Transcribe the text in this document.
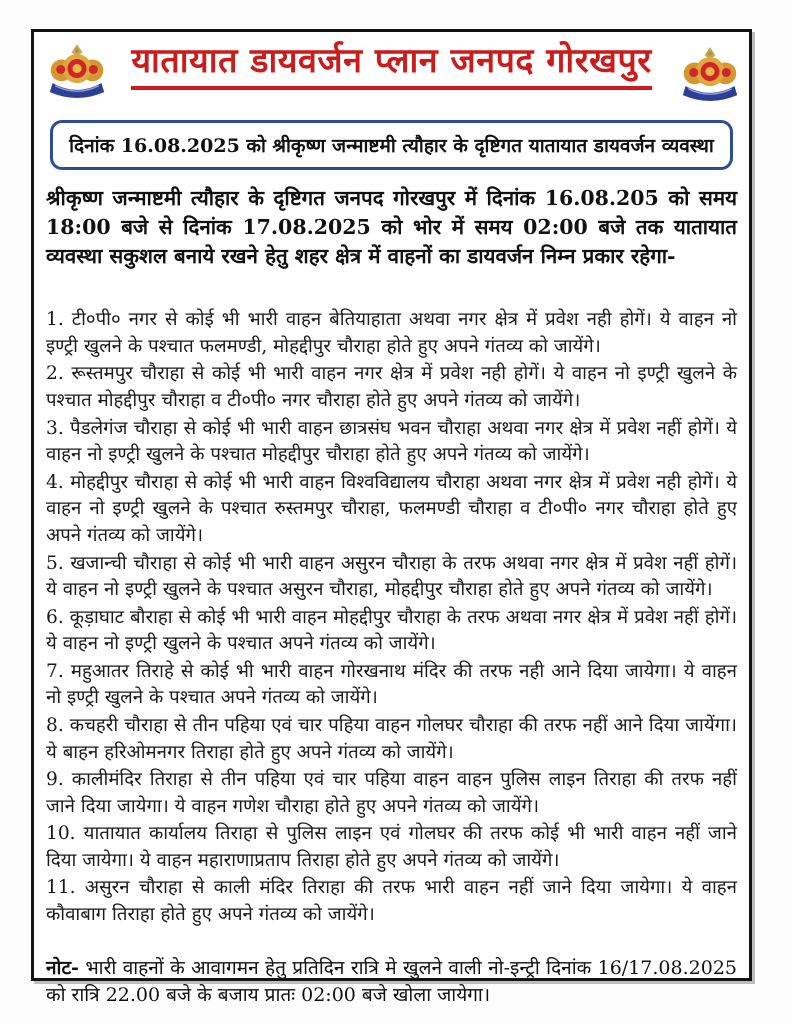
यातायात डायवर्जन प्लान जनपद गोरखपुर
दिनांक 16.08.2025 को श्रीकृष्ण जन्माष्टमी त्यौहार के दृष्टिगत यातायात डायवर्जन व्यवस्था

श्रीकृष्ण जन्माष्टमी त्यौहार के दृष्टिगत जनपद गोरखपुर में दिनांक 16.08.205 को समय 18:00 बजे से दिनांक 17.08.2025 को भोर में समय 02:00 बजे तक यातायात व्यवस्था सकुशल बनाये रखने हेतु शहर क्षेत्र में वाहनों का डायवर्जन निम्न प्रकार रहेगा-

1. टी०पी० नगर से कोई भी भारी वाहन बेतियाहाता अथवा नगर क्षेत्र में प्रवेश नही होगें। ये वाहन नो इण्ट्री खुलने के पश्चात फलमण्डी, मोहद्दीपुर चौराहा होते हुए अपने गंतव्य को जायेंगे।

2. रूस्तमपुर चौराहा से कोई भी भारी वाहन नगर क्षेत्र में प्रवेश नही होगें। ये वाहन नो इण्ट्री खुलने के पश्चात मोहद्दीपुर चौराहा व टी०पी० नगर चौराहा होते हुए अपने गंतव्य को जायेंगे।

3. पैडलेगंज चौराहा से कोई भी भारी वाहन छात्रसंघ भवन चौराहा अथवा नगर क्षेत्र में प्रवेश नहीं होगें। ये वाहन नो इण्ट्री खुलने के पश्चात मोहद्दीपुर चौराहा होते हुए अपने गंतव्य को जायेंगे।

4. मोहद्दीपुर चौराहा से कोई भी भारी वाहन विश्वविद्यालय चौराहा अथवा नगर क्षेत्र में प्रवेश नही होगें। ये वाहन नो इण्ट्री खुलने के पश्चात रुस्तमपुर चौराहा, फलमण्डी चौराहा व टी०पी० नगर चौराहा होते हुए अपने गंतव्य को जायेंगे।

5. खजान्ची चौराहा से कोई भी भारी वाहन असुरन चौराहा के तरफ अथवा नगर क्षेत्र में प्रवेश नहीं होगें। ये वाहन नो इण्ट्री खुलने के पश्चात असुरन चौराहा, मोहद्दीपुर चौराहा होते हुए अपने गंतव्य को जायेंगे।

6. कूड़ाघाट बौराहा से कोई भी भारी वाहन मोहद्दीपुर चौराहा के तरफ अथवा नगर क्षेत्र में प्रवेश नहीं होगें। ये वाहन नो इण्ट्री खुलने के पश्चात अपने गंतव्य को जायेंगे।

7. महुआतर तिराहे से कोई भी भारी वाहन गोरखनाथ मंदिर की तरफ नही आने दिया जायेगा। ये वाहन नो इण्ट्री खुलने के पश्चात अपने गंतव्य को जायेंगे।

8. कचहरी चौराहा से तीन पहिया एवं चार पहिया वाहन गोलघर चौराहा की तरफ नहीं आने दिया जायेंगा। ये बाहन हरिओमनगर तिराहा होते हुए अपने गंतव्य को जायेंगे।

9. कालीमंदिर तिराहा से तीन पहिया एवं चार पहिया वाहन वाहन पुलिस लाइन तिराहा की तरफ नहीं जाने दिया जायेगा। ये वाहन गणेश चौराहा होते हुए अपने गंतव्य को जायेंगे।

10. यातायात कार्यालय तिराहा से पुलिस लाइन एवं गोलघर की तरफ कोई भी भारी वाहन नहीं जाने दिया जायेगा। ये वाहन महाराणाप्रताप तिराहा होते हुए अपने गंतव्य को जायेंगे।

11. असुरन चौराहा से काली मंदिर तिराहा की तरफ भारी वाहन नहीं जाने दिया जायेगा। ये वाहन कौवाबाग तिराहा होते हुए अपने गंतव्य को जायेंगे।

नोट- भारी वाहनों के आवागमन हेतु प्रतिदिन रात्रि मे खुलने वाली नो-इन्ट्री दिनांक 16/17.08.2025 को रात्रि 22.00 बजे के बजाय प्रातः 02:00 बजे खोला जायेगा।
